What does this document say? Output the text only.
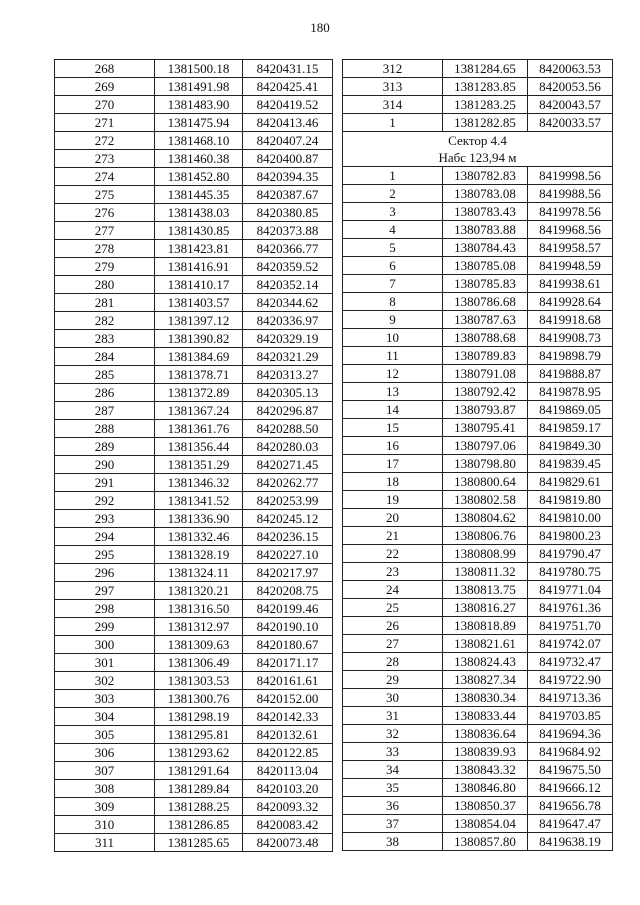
180
268	1381500.18	8420431.15
269	1381491.98	8420425.41
270	1381483.90	8420419.52
271	1381475.94	8420413.46
272	1381468.10	8420407.24
273	1381460.38	8420400.87
274	1381452.80	8420394.35
275	1381445.35	8420387.67
276	1381438.03	8420380.85
277	1381430.85	8420373.88
278	1381423.81	8420366.77
279	1381416.91	8420359.52
280	1381410.17	8420352.14
281	1381403.57	8420344.62
282	1381397.12	8420336.97
283	1381390.82	8420329.19
284	1381384.69	8420321.29
285	1381378.71	8420313.27
286	1381372.89	8420305.13
287	1381367.24	8420296.87
288	1381361.76	8420288.50
289	1381356.44	8420280.03
290	1381351.29	8420271.45
291	1381346.32	8420262.77
292	1381341.52	8420253.99
293	1381336.90	8420245.12
294	1381332.46	8420236.15
295	1381328.19	8420227.10
296	1381324.11	8420217.97
297	1381320.21	8420208.75
298	1381316.50	8420199.46
299	1381312.97	8420190.10
300	1381309.63	8420180.67
301	1381306.49	8420171.17
302	1381303.53	8420161.61
303	1381300.76	8420152.00
304	1381298.19	8420142.33
305	1381295.81	8420132.61
306	1381293.62	8420122.85
307	1381291.64	8420113.04
308	1381289.84	8420103.20
309	1381288.25	8420093.32
310	1381286.85	8420083.42
311	1381285.65	8420073.48
312	1381284.65	8420063.53
313	1381283.85	8420053.56
314	1381283.25	8420043.57
1	1381282.85	8420033.57
Сектор 4.4		
Набс 123,94 м		
1	1380782.83	8419998.56
2	1380783.08	8419988.56
3	1380783.43	8419978.56
4	1380783.88	8419968.56
5	1380784.43	8419958.57
6	1380785.08	8419948.59
7	1380785.83	8419938.61
8	1380786.68	8419928.64
9	1380787.63	8419918.68
10	1380788.68	8419908.73
11	1380789.83	8419898.79
12	1380791.08	8419888.87
13	1380792.42	8419878.95
14	1380793.87	8419869.05
15	1380795.41	8419859.17
16	1380797.06	8419849.30
17	1380798.80	8419839.45
18	1380800.64	8419829.61
19	1380802.58	8419819.80
20	1380804.62	8419810.00
21	1380806.76	8419800.23
22	1380808.99	8419790.47
23	1380811.32	8419780.75
24	1380813.75	8419771.04
25	1380816.27	8419761.36
26	1380818.89	8419751.70
27	1380821.61	8419742.07
28	1380824.43	8419732.47
29	1380827.34	8419722.90
30	1380830.34	8419713.36
31	1380833.44	8419703.85
32	1380836.64	8419694.36
33	1380839.93	8419684.92
34	1380843.32	8419675.50
35	1380846.80	8419666.12
36	1380850.37	8419656.78
37	1380854.04	8419647.47
38	1380857.80	8419638.19
